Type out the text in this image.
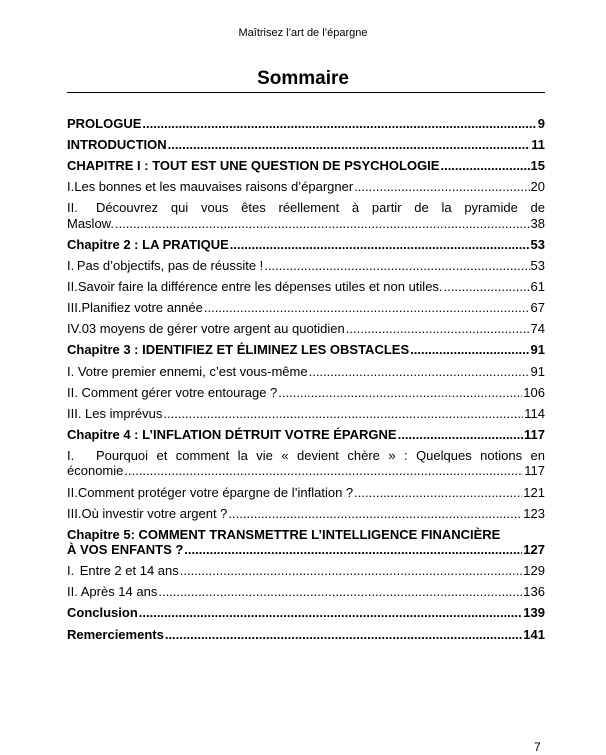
Maîtrisez l’art de l’épargne
Sommaire
PROLOGUE .....	9
INTRODUCTION .....	11
CHAPITRE I : TOUT EST UNE QUESTION DE PSYCHOLOGIE .....	15
I. Les bonnes et les mauvaises raisons d’épargner .....	20
II.	Découvrez qui vous êtes réellement à partir de la pyramide de
Maslow. .....	38
Chapitre 2 : LA PRATIQUE .....	53
I. Pas d’objectifs, pas de réussite ! .....	53
II. Savoir faire la différence entre les dépenses utiles et non utiles. .....	61
III. Planifiez votre année .....	67
IV. 03 moyens de gérer votre argent au quotidien .....	74
Chapitre 3 : IDENTIFIEZ ET ÉLIMINEZ LES OBSTACLES .....	91
I. Votre premier ennemi, c’est vous-même .....	91
II. Comment gérer votre entourage ? .....	106
III. Les imprévus .....	114
Chapitre 4 : L’INFLATION DÉTRUIT VOTRE ÉPARGNE .....	117
I.	Pourquoi et comment la vie « devient chère » : Quelques notions en
économie .....	117
II. Comment protéger votre épargne de l’inflation ? .....	121
III. Où investir votre argent ? .....	123
Chapitre 5 : COMMENT TRANSMETTRE L’INTELLIGENCE FINANCIÈRE
À VOS ENFANTS ? .....	127
I. Entre 2 et 14 ans .....	129
II. Après 14 ans .....	136
Conclusion .....	139
Remerciements .....	141
7
